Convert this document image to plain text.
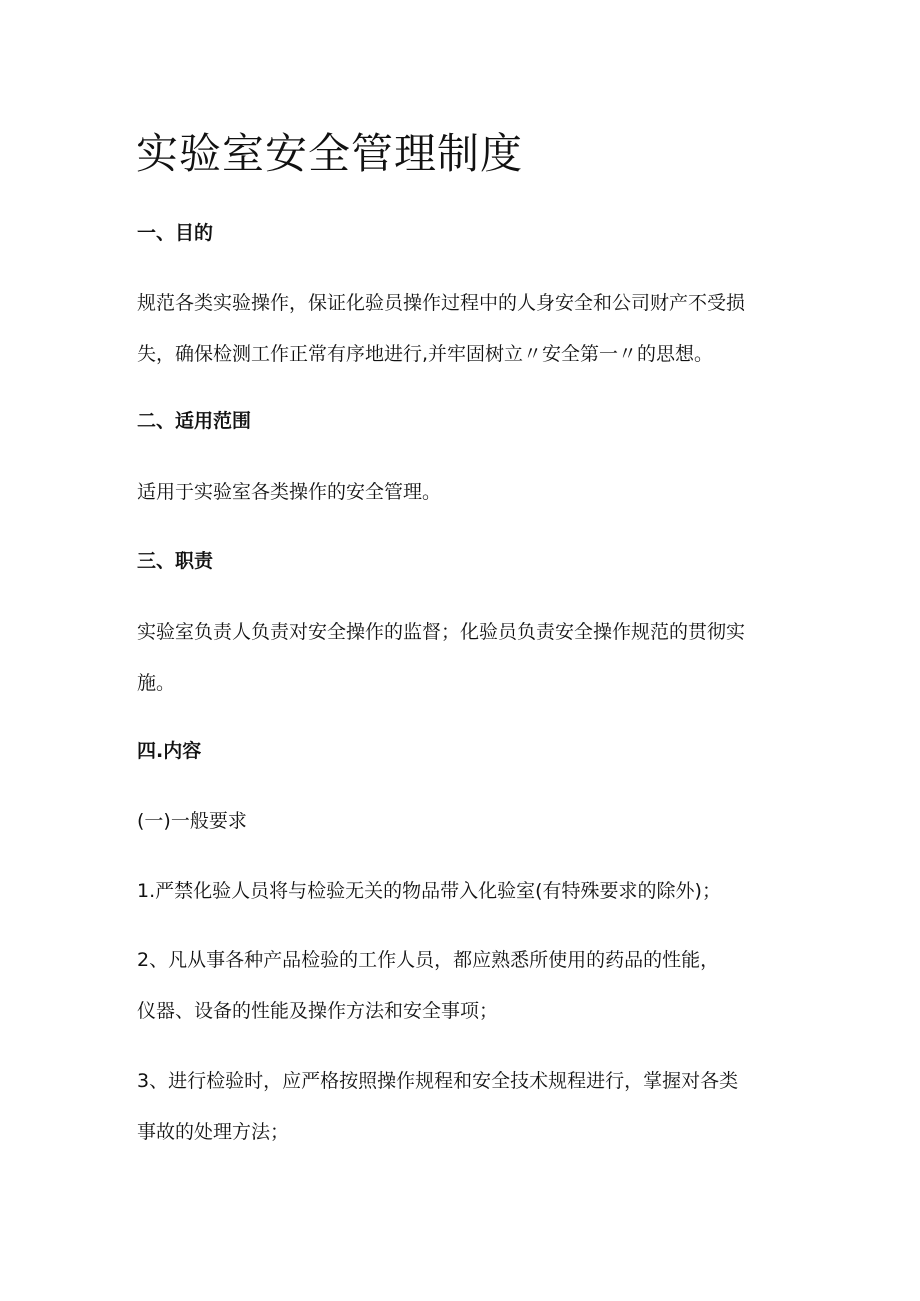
实验室安全管理制度
一、目的

规范各类实验操作，保证化验员操作过程中的人身安全和公司财产不受损
失，确保检测工作正常有序地进行,并牢固树立〃安全第一〃的思想。

二、适用范围

适用于实验室各类操作的安全管理。

三、职责

实验室负责人负责对安全操作的监督；化验员负责安全操作规范的贯彻实
施。

四.内容

(一)一般要求

1.严禁化验人员将与检验无关的物品带入化验室(有特殊要求的除外)；

2、凡从事各种产品检验的工作人员，都应熟悉所使用的药品的性能，
仪器、设备的性能及操作方法和安全事项；

3、进行检验时，应严格按照操作规程和安全技术规程进行，掌握对各类
事故的处理方法；
